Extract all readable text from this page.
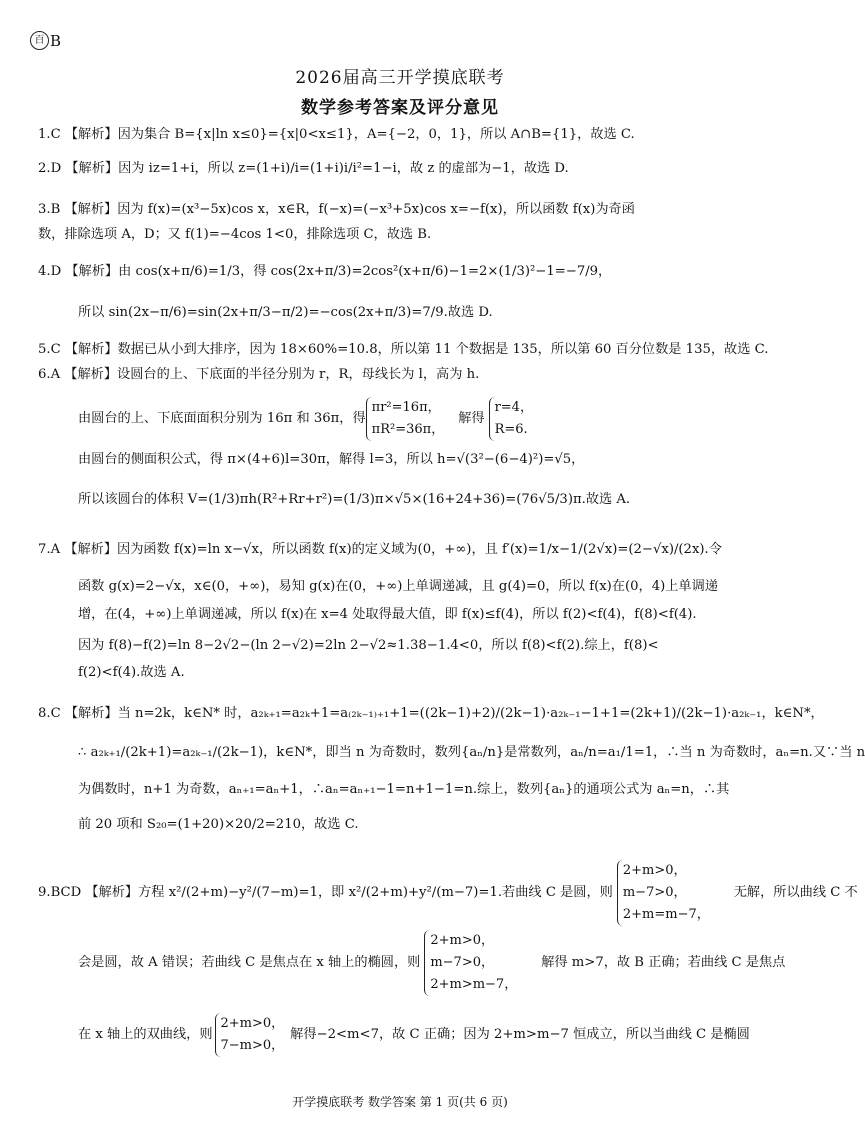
百 B
2026届高三开学摸底联考
数学参考答案及评分意见
1.C 【解析】因为集合 B={x|ln x≤0}={x|0<x≤1}，A={−2，0，1}，所以 A∩B={1}，故选 C.
2.D 【解析】因为 iz=1+i，所以 z=(1+i)/i=(1+i)i/i²=1−i，故 z 的虚部为−1，故选 D.
3.B 【解析】因为 f(x)=(x³−5x)cos x，x∈R，f(−x)=(−x³+5x)cos x=−f(x)，所以函数 f(x)为奇函
数，排除选项 A，D；又 f(1)=−4cos 1<0，排除选项 C，故选 B.
4.D 【解析】由 cos(x+π/6)=1/3，得 cos(2x+π/3)=2cos²(x+π/6)−1=2×(1/3)²−1=−7/9，
所以 sin(2x−π/6)=sin(2x+π/3−π/2)=−cos(2x+π/3)=7/9.故选 D.
5.C 【解析】数据已从小到大排序，因为 18×60%=10.8，所以第 11 个数据是 135，所以第 60 百分位数是 135，故选 C.
6.A 【解析】设圆台的上、下底面的半径分别为 r，R，母线长为 l，高为 h.
由圆台的上、下底面面积分别为 16π 和 36π，得
πr²=16π，
πR²=36π，
解得
r=4，
R=6.
由圆台的侧面积公式，得 π×(4+6)l=30π，解得 l=3，所以 h=√(3²−(6−4)²)=√5，
所以该圆台的体积 V=(1/3)πh(R²+Rr+r²)=(1/3)π×√5×(16+24+36)=(76√5/3)π.故选 A.
7.A 【解析】因为函数 f(x)=ln x−√x，所以函数 f(x)的定义域为(0，+∞)，且 f′(x)=1/x−1/(2√x)=(2−√x)/(2x).令
函数 g(x)=2−√x，x∈(0，+∞)，易知 g(x)在(0，+∞)上单调递减，且 g(4)=0，所以 f(x)在(0，4)上单调递
增，在(4，+∞)上单调递减，所以 f(x)在 x=4 处取得最大值，即 f(x)≤f(4)，所以 f(2)<f(4)，f(8)<f(4).
因为 f(8)−f(2)=ln 8−2√2−(ln 2−√2)=2ln 2−√2≈1.38−1.4<0，所以 f(8)<f(2).综上，f(8)<
f(2)<f(4).故选 A.
8.C 【解析】当 n=2k，k∈N* 时，a₂ₖ₊₁=a₂ₖ+1=a₍₂ₖ₋₁₎₊₁+1=((2k−1)+2)/(2k−1)·a₂ₖ₋₁−1+1=(2k+1)/(2k−1)·a₂ₖ₋₁，k∈N*，
∴ a₂ₖ₊₁/(2k+1)=a₂ₖ₋₁/(2k−1)，k∈N*，即当 n 为奇数时，数列{aₙ/n}是常数列，aₙ/n=a₁/1=1，∴当 n 为奇数时，aₙ=n.又∵当 n
为偶数时，n+1 为奇数，aₙ₊₁=aₙ+1，∴aₙ=aₙ₊₁−1=n+1−1=n.综上，数列{aₙ}的通项公式为 aₙ=n，∴其
前 20 项和 S₂₀=(1+20)×20/2=210，故选 C.
9.BCD 【解析】方程 x²/(2+m)−y²/(7−m)=1，即 x²/(2+m)+y²/(m−7)=1.若曲线 C 是圆，则
2+m>0，
m−7>0，
2+m=m−7，
无解，所以曲线 C 不
会是圆，故 A 错误；若曲线 C 是焦点在 x 轴上的椭圆，则
2+m>0，
m−7>0，
2+m>m−7，
解得 m>7，故 B 正确；若曲线 C 是焦点
在 x 轴上的双曲线，则
2+m>0，
7−m>0，
解得−2<m<7，故 C 正确；因为 2+m>m−7 恒成立，所以当曲线 C 是椭圆
开学摸底联考 数学答案 第 1 页(共 6 页)
